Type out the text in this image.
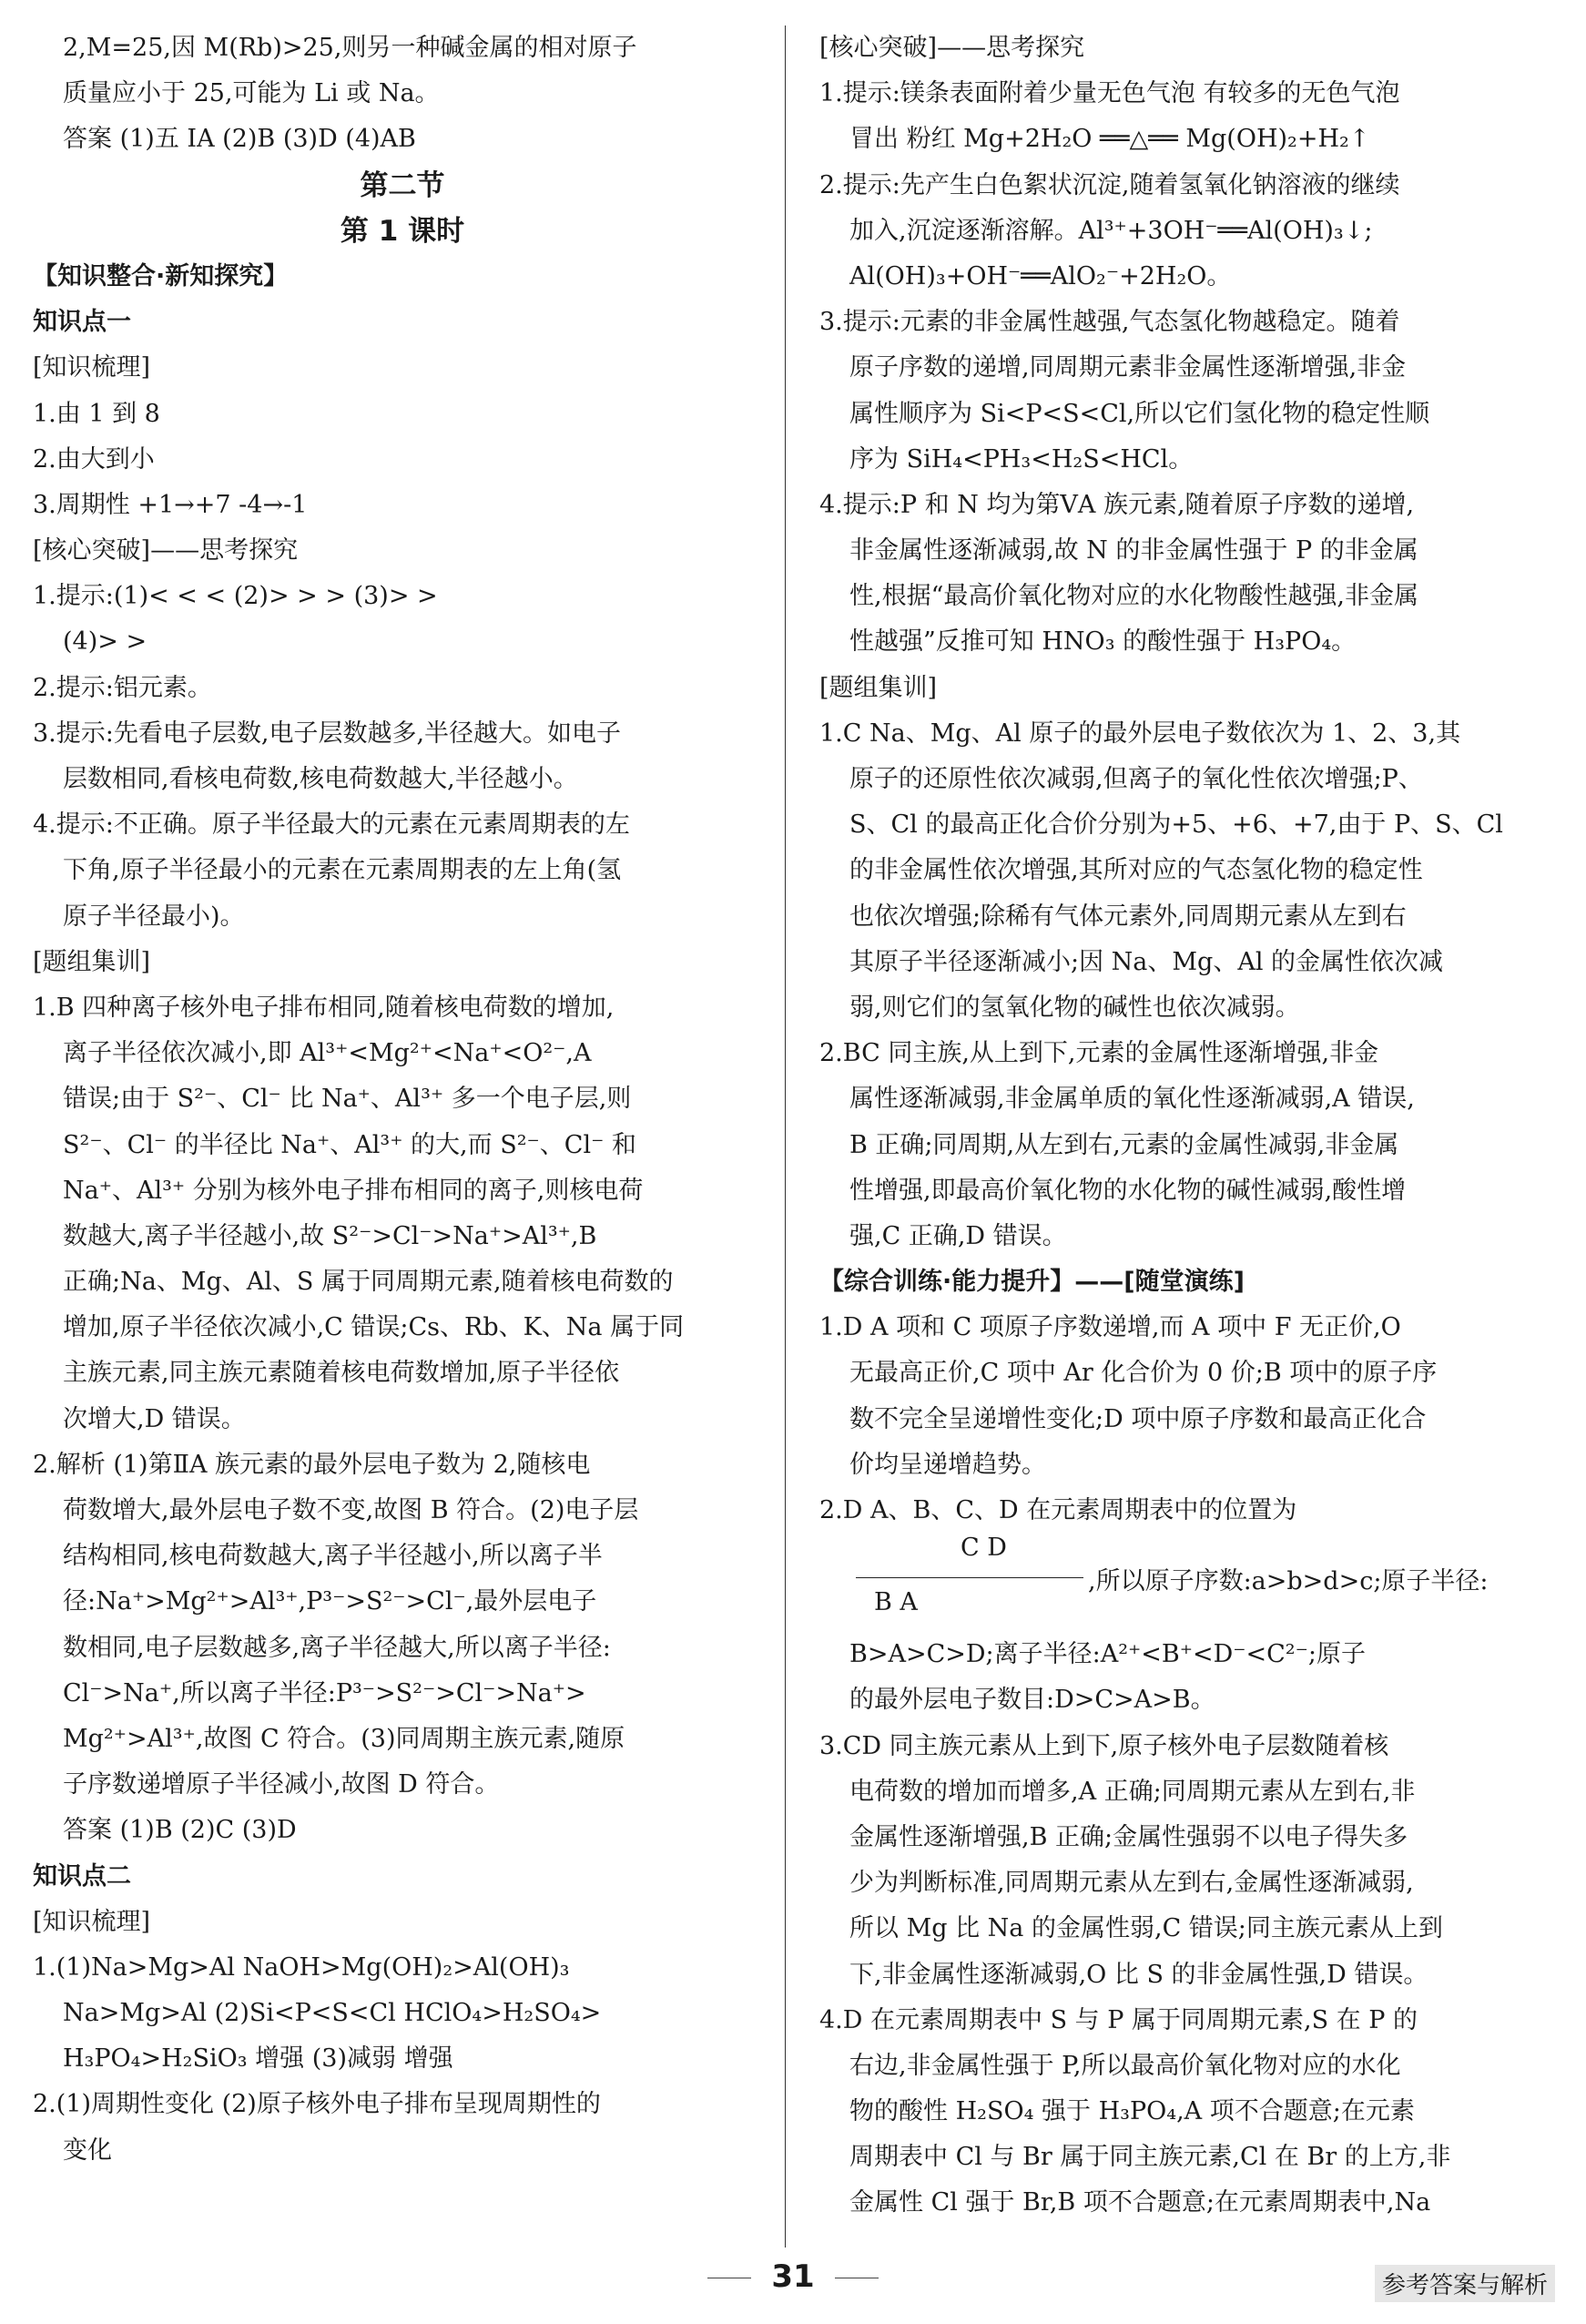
2,M=25,因 M(Rb)>25,则另一种碱金属的相对原子
质量应小于 25,可能为 Li 或 Na。
答案 (1)五 ⅠA (2)B (3)D (4)AB
第二节
第 1 课时
【知识整合·新知探究】
知识点一
[知识梳理]
1.由 1 到 8
2.由大到小
3.周期性 +1→+7 -4→-1
[核心突破]——思考探究
1.提示:(1)< < < (2)> > > (3)> >
(4)> >
2.提示:铝元素。
3.提示:先看电子层数,电子层数越多,半径越大。如电子
层数相同,看核电荷数,核电荷数越大,半径越小。
4.提示:不正确。原子半径最大的元素在元素周期表的左
下角,原子半径最小的元素在元素周期表的左上角(氢
原子半径最小)。
[题组集训]
1.B 四种离子核外电子排布相同,随着核电荷数的增加,
离子半径依次减小,即 Al³⁺<Mg²⁺<Na⁺<O²⁻,A
错误;由于 S²⁻、Cl⁻ 比 Na⁺、Al³⁺ 多一个电子层,则
S²⁻、Cl⁻ 的半径比 Na⁺、Al³⁺ 的大,而 S²⁻、Cl⁻ 和
Na⁺、Al³⁺ 分别为核外电子排布相同的离子,则核电荷
数越大,离子半径越小,故 S²⁻>Cl⁻>Na⁺>Al³⁺,B
正确;Na、Mg、Al、S 属于同周期元素,随着核电荷数的
增加,原子半径依次减小,C 错误;Cs、Rb、K、Na 属于同
主族元素,同主族元素随着核电荷数增加,原子半径依
次增大,D 错误。
2.解析 (1)第ⅡA 族元素的最外层电子数为 2,随核电
荷数增大,最外层电子数不变,故图 B 符合。(2)电子层
结构相同,核电荷数越大,离子半径越小,所以离子半
径:Na⁺>Mg²⁺>Al³⁺,P³⁻>S²⁻>Cl⁻,最外层电子
数相同,电子层数越多,离子半径越大,所以离子半径:
Cl⁻>Na⁺,所以离子半径:P³⁻>S²⁻>Cl⁻>Na⁺>
Mg²⁺>Al³⁺,故图 C 符合。(3)同周期主族元素,随原
子序数递增原子半径减小,故图 D 符合。
答案 (1)B (2)C (3)D
知识点二
[知识梳理]
1.(1)Na>Mg>Al NaOH>Mg(OH)₂>Al(OH)₃
Na>Mg>Al (2)Si<P<S<Cl HClO₄>H₂SO₄>
H₃PO₄>H₂SiO₃ 增强 (3)减弱 增强
2.(1)周期性变化 (2)原子核外电子排布呈现周期性的
变化
[核心突破]——思考探究
1.提示:镁条表面附着少量无色气泡 有较多的无色气泡
冒出 粉红 Mg+2H₂O ══△══ Mg(OH)₂+H₂↑
2.提示:先产生白色絮状沉淀,随着氢氧化钠溶液的继续
加入,沉淀逐渐溶解。Al³⁺+3OH⁻══Al(OH)₃↓;
Al(OH)₃+OH⁻══AlO₂⁻+2H₂O。
3.提示:元素的非金属性越强,气态氢化物越稳定。随着
原子序数的递增,同周期元素非金属性逐渐增强,非金
属性顺序为 Si<P<S<Cl,所以它们氢化物的稳定性顺
序为 SiH₄<PH₃<H₂S<HCl。
4.提示:P 和 N 均为第ⅤA 族元素,随着原子序数的递增,
非金属性逐渐减弱,故 N 的非金属性强于 P 的非金属
性,根据“最高价氧化物对应的水化物酸性越强,非金属
性越强”反推可知 HNO₃ 的酸性强于 H₃PO₄。
[题组集训]
1.C Na、Mg、Al 原子的最外层电子数依次为 1、2、3,其
原子的还原性依次减弱,但离子的氧化性依次增强;P、
S、Cl 的最高正化合价分别为+5、+6、+7,由于 P、S、Cl
的非金属性依次增强,其所对应的气态氢化物的稳定性
也依次增强;除稀有气体元素外,同周期元素从左到右
其原子半径逐渐减小;因 Na、Mg、Al 的金属性依次减
弱,则它们的氢氧化物的碱性也依次减弱。
2.BC 同主族,从上到下,元素的金属性逐渐增强,非金
属性逐渐减弱,非金属单质的氧化性逐渐减弱,A 错误,
B 正确;同周期,从左到右,元素的金属性减弱,非金属
性增强,即最高价氧化物的水化物的碱性减弱,酸性增
强,C 正确,D 错误。
【综合训练·能力提升】——[随堂演练]
1.D A 项和 C 项原子序数递增,而 A 项中 F 无正价,O
无最高正价,C 项中 Ar 化合价为 0 价;B 项中的原子序
数不完全呈递增性变化;D 项中原子序数和最高正化合
价均呈递增趋势。
2.D A、B、C、D 在元素周期表中的位置为
C D
B A
,所以原子序数:a>b>d>c;原子半径:
B>A>C>D;离子半径:A²⁺<B⁺<D⁻<C²⁻;原子
的最外层电子数目:D>C>A>B。
3.CD 同主族元素从上到下,原子核外电子层数随着核
电荷数的增加而增多,A 正确;同周期元素从左到右,非
金属性逐渐增强,B 正确;金属性强弱不以电子得失多
少为判断标准,同周期元素从左到右,金属性逐渐减弱,
所以 Mg 比 Na 的金属性弱,C 错误;同主族元素从上到
下,非金属性逐渐减弱,O 比 S 的非金属性强,D 错误。
4.D 在元素周期表中 S 与 P 属于同周期元素,S 在 P 的
右边,非金属性强于 P,所以最高价氧化物对应的水化
物的酸性 H₂SO₄ 强于 H₃PO₄,A 项不合题意;在元素
周期表中 Cl 与 Br 属于同主族元素,Cl 在 Br 的上方,非
金属性 Cl 强于 Br,B 项不合题意;在元素周期表中,Na
31	参考答案与解析
